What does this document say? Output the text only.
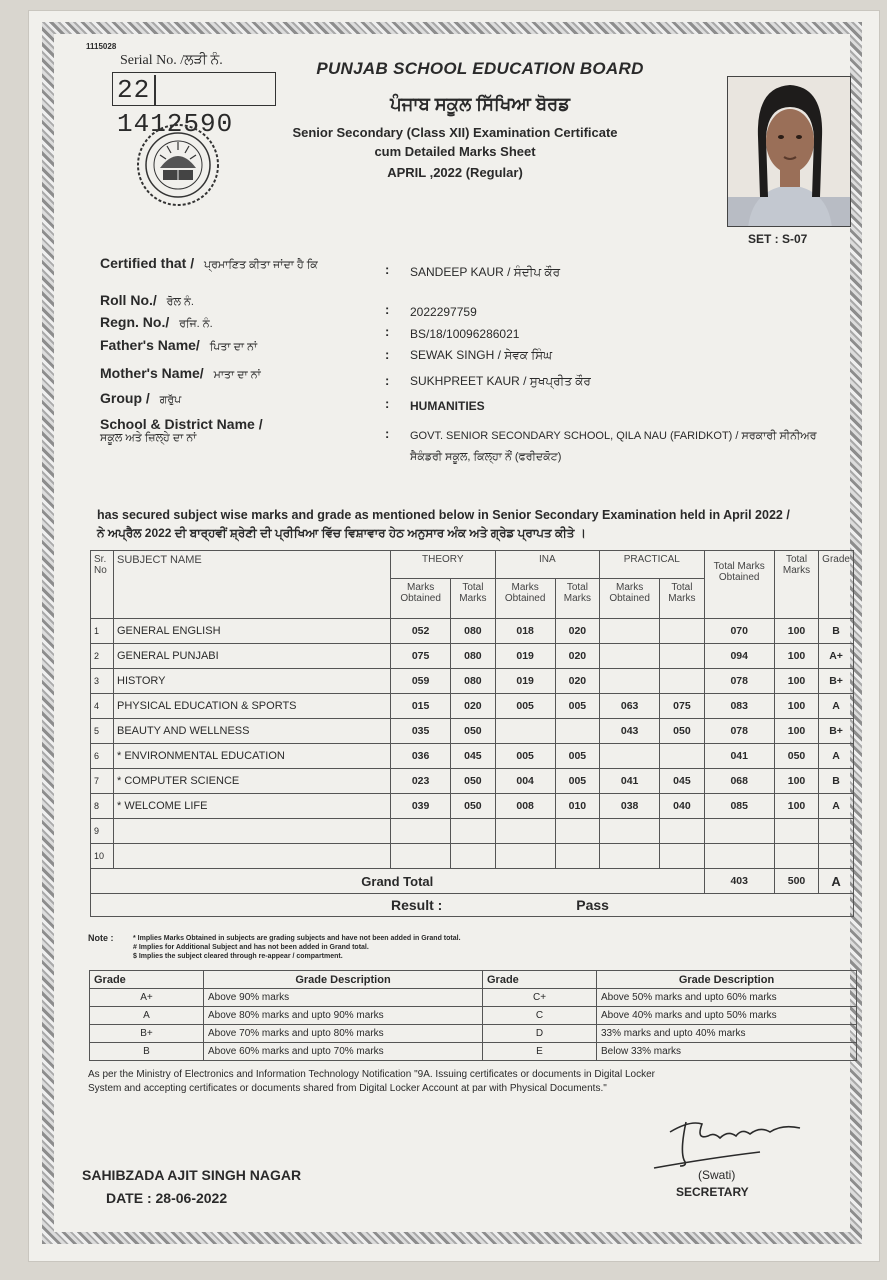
1115028
Serial No. /ਲੜੀ ਨੰ.
221412590
PUNJAB SCHOOL EDUCATION BOARD
ਪੰਜਾਬ ਸਕੂਲ ਸਿੱਖਿਆ ਬੋਰਡ
Senior Secondary (Class XII) Examination Certificate
cum Detailed Marks Sheet
APRIL ,2022 (Regular)
SET : S-07
Certified that / ਪ੍ਰਮਾਣਿਤ ਕੀਤਾ ਜਾਂਦਾ ਹੈ ਕਿ	: SANDEEP KAUR / ਸੰਦੀਪ ਕੌਰ
Roll No./ ਰੋਲ ਨੰ.	: 2022297759
Regn. No./ ਰਜਿ. ਨੰ.	: BS/18/10096286021
Father's Name/ ਪਿਤਾ ਦਾ ਨਾਂ	: SEWAK SINGH / ਸੇਵਕ ਸਿੰਘ
Mother's Name/ ਮਾਤਾ ਦਾ ਨਾਂ	: SUKHPREET KAUR / ਸੁਖਪ੍ਰੀਤ ਕੌਰ
Group / ਗਰੁੱਪ	: HUMANITIES
School & District Name /
ਸਕੂਲ ਅਤੇ ਜ਼ਿਲ੍ਹੇ ਦਾ ਨਾਂ	: GOVT. SENIOR SECONDARY SCHOOL, QILA NAU (FARIDKOT) / ਸਰਕਾਰੀ ਸੀਨੀਅਰ
ਸੈਕੰਡਰੀ ਸਕੂਲ, ਕਿਲ੍ਹਾ ਨੌਂ (ਫਰੀਦਕੋਟ)
has secured subject wise marks and grade as mentioned below in Senior Secondary Examination held in April 2022 /
ਨੇ ਅਪ੍ਰੈਲ 2022 ਦੀ ਬਾਰ੍ਹਵੀਂ ਸ਼੍ਰੇਣੀ ਦੀ ਪ੍ਰੀਖਿਆ ਵਿੱਚ ਵਿਸ਼ਾਵਾਰ ਹੇਠ ਅਨੁਸਾਰ ਅੰਕ ਅਤੇ ਗ੍ਰੇਡ ਪ੍ਰਾਪਤ ਕੀਤੇ ।
Sr. No	SUBJECT NAME	THEORY		INA		PRACTICAL		Total Marks Obtained	Total Marks	Grade
		Marks Obtained	Total Marks	Marks Obtained	Total Marks	Marks Obtained	Total Marks			
1	GENERAL ENGLISH	052	080	018	020			070	100	B
2	GENERAL PUNJABI	075	080	019	020			094	100	A+
3	HISTORY	059	080	019	020			078	100	B+
4	PHYSICAL EDUCATION & SPORTS	015	020	005	005	063	075	083	100	A
5	BEAUTY AND WELLNESS	035	050			043	050	078	100	B+
6	* ENVIRONMENTAL EDUCATION	036	045	005	005			041	050	A
7	* COMPUTER SCIENCE	023	050	004	005	041	045	068	100	B
8	* WELCOME LIFE	039	050	008	010	038	040	085	100	A
9										
10										
Grand Total								403	500	A
Result : Pass										
Note :	* Implies Marks Obtained in subjects are grading subjects and have not been added in Grand total.
# Implies for Additional Subject and has not been added in Grand total.
$ Implies the subject cleared through re-appear / compartment.
Grade	Grade Description	Grade	Grade Description
A+	Above 90% marks	C+	Above 50% marks and upto 60% marks
A	Above 80% marks and upto 90% marks	C	Above 40% marks and upto 50% marks
B+	Above 70% marks and upto 80% marks	D	33% marks and upto 40% marks
B	Above 60% marks and upto 70% marks	E	Below 33% marks
As per the Ministry of Electronics and Information Technology Notification "9A. Issuing certificates or documents in Digital Locker
System and accepting certificates or documents shared from Digital Locker Account at par with Physical Documents."
SAHIBZADA AJIT SINGH NAGAR
DATE : 28-06-2022
(Swati)
SECRETARY
